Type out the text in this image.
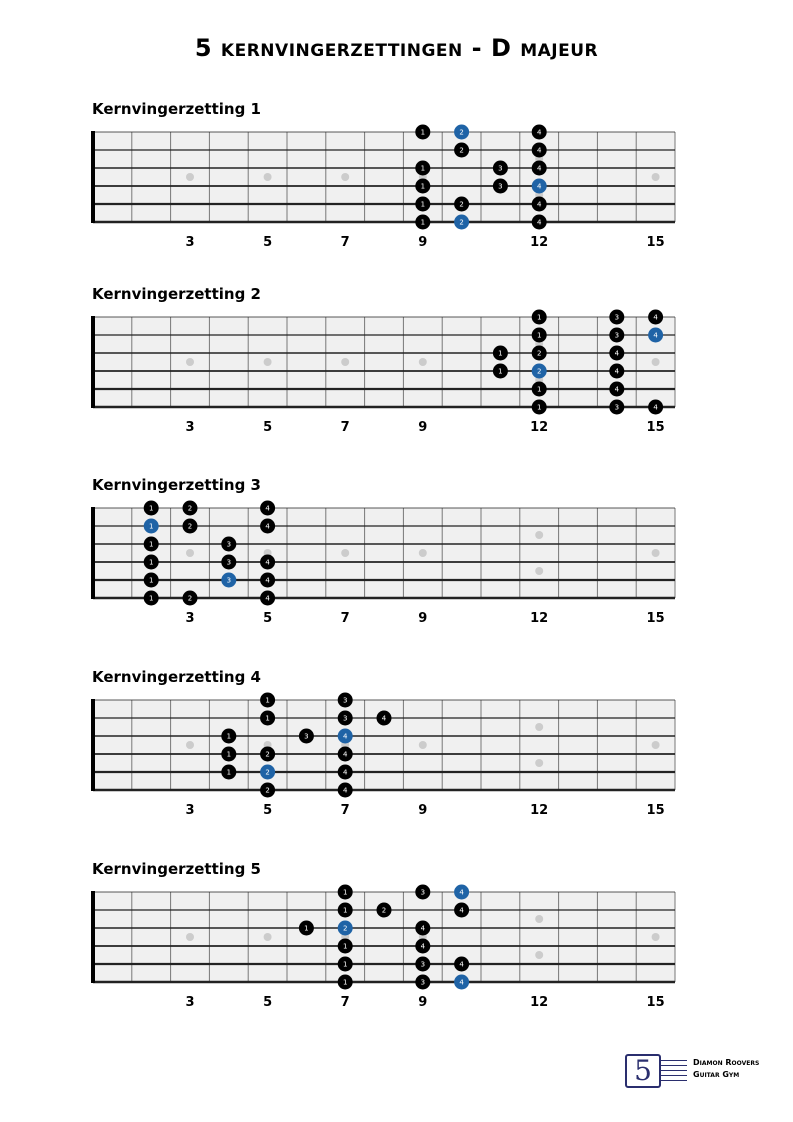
5 kernvingerzettingen - D majeur
Kernvingerzetting 1
3	5	7	9	12	15
1	2	4
2	4
1	3	4
1	3	4
1	2	4
1	2	4
Kernvingerzetting 2
3	5	7	9	12	15
1	3	4
1	3	4
1	2	4
1	2	4
1	4
1	3	4
Kernvingerzetting 3
3	5	7	9	12	15
1	2	4
1	2	4
1	3
1	3	4
1	3	4
1	2	4
Kernvingerzetting 4
3	5	7	9	12	15
1	3
1	3	4
1	3	4
1	2	4
1	2	4
2	4
Kernvingerzetting 5
3	5	7	9	12	15
1	3	4
1	2	4
1	2	4
1	4
1	3	4
1	3	4
5	Diamon Roovers
Guitar Gym
